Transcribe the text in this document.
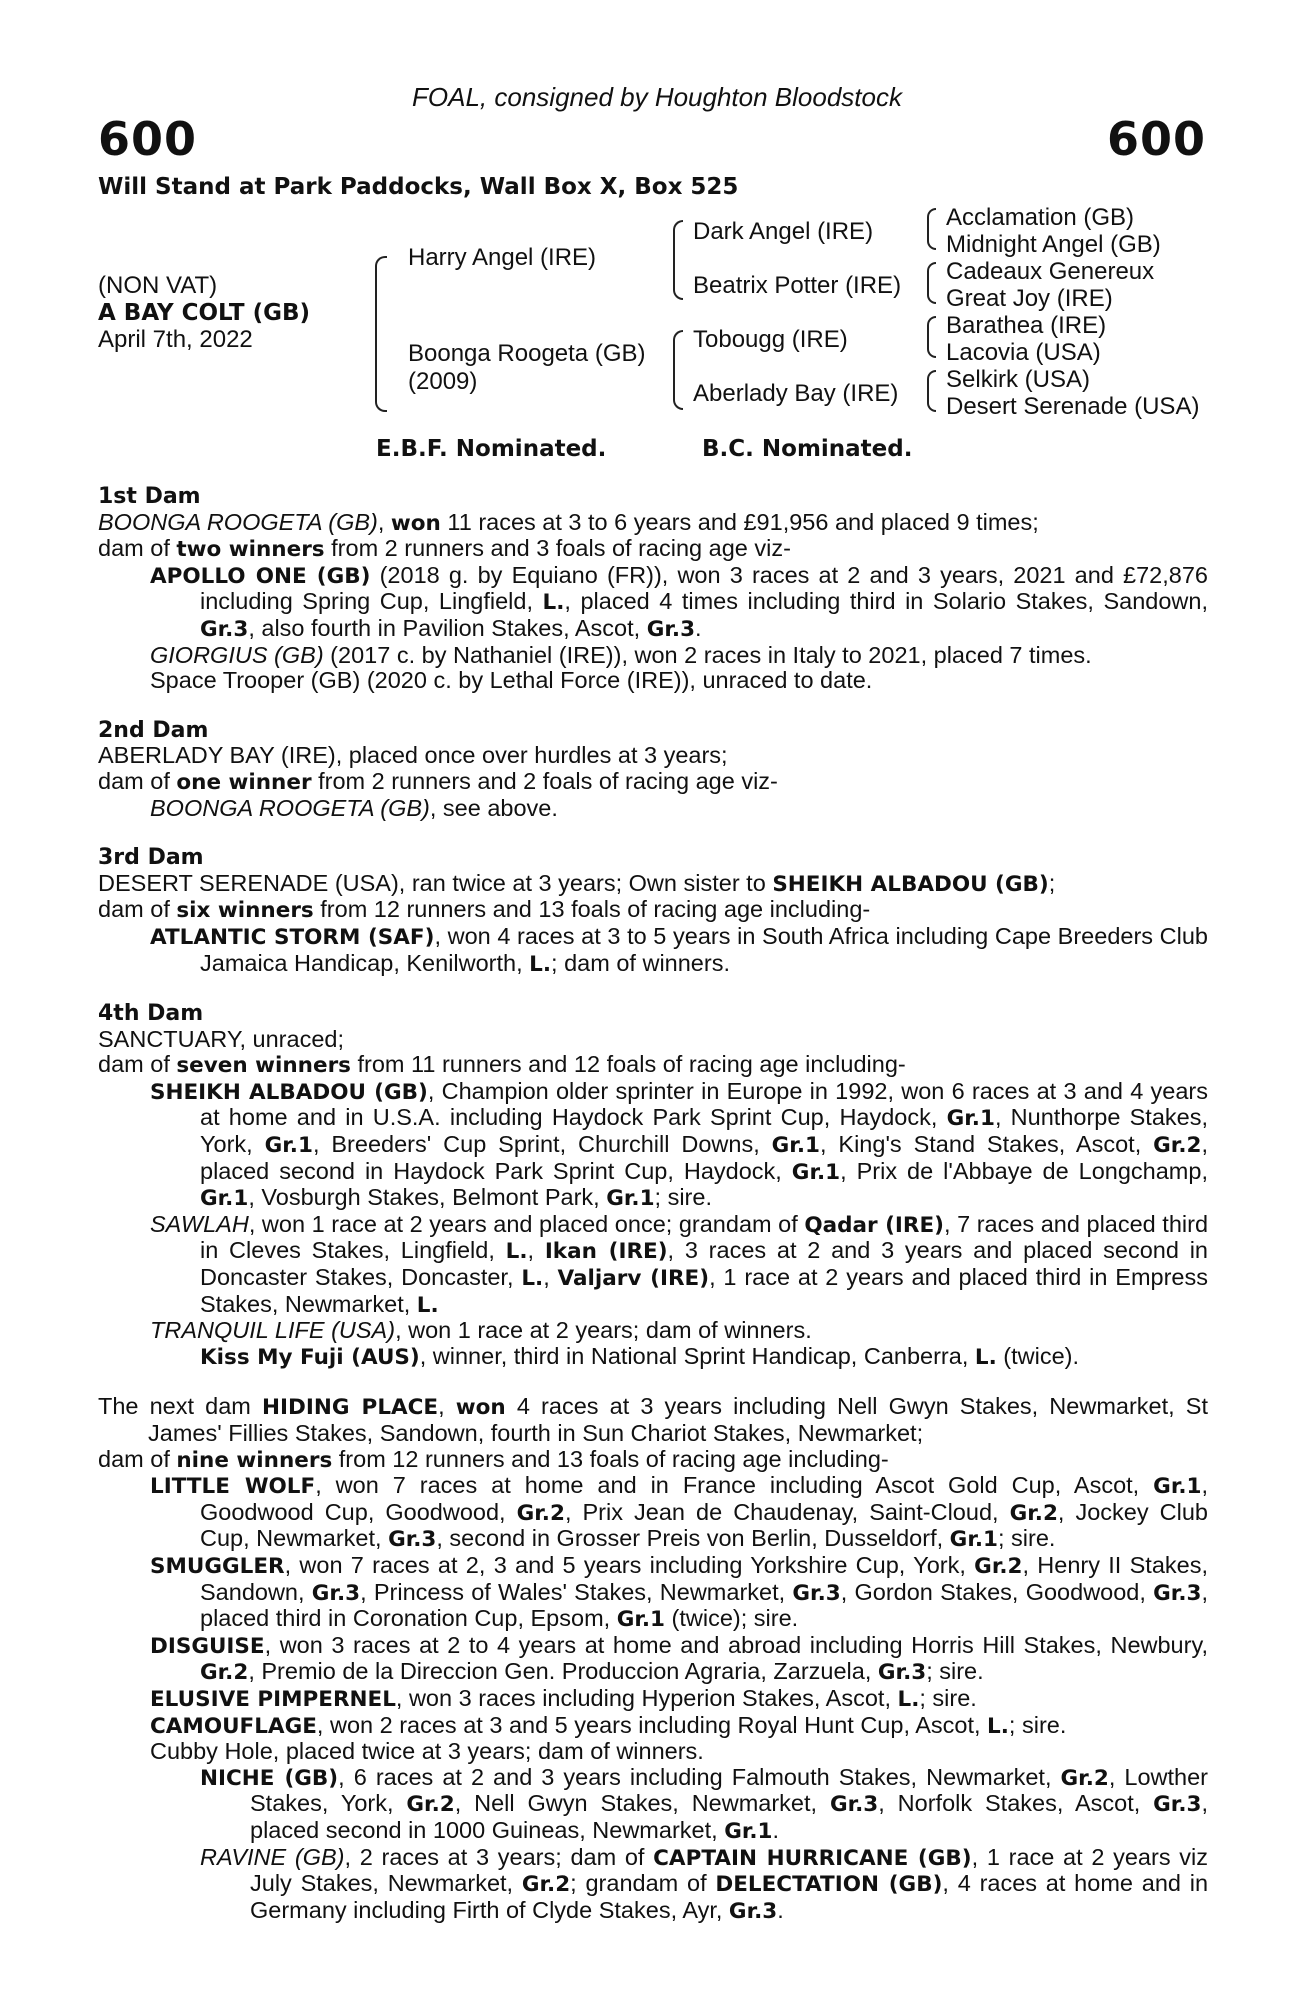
FOAL, consigned by Houghton Bloodstock
600	600
Will Stand at Park Paddocks, Wall Box X, Box 525
(NON VAT)
A BAY COLT (GB)
April 7th, 2022
Harry Angel (IRE)
Boonga Roogeta (GB)
(2009)
Dark Angel (IRE)
Beatrix Potter (IRE)
Tobougg (IRE)
Aberlady Bay (IRE)
Acclamation (GB)
Midnight Angel (GB)
Cadeaux Genereux
Great Joy (IRE)
Barathea (IRE)
Lacovia (USA)
Selkirk (USA)
Desert Serenade (USA)
E.B.F. Nominated.	B.C. Nominated.

1st Dam

BOONGA ROOGETA (GB), won 11 races at 3 to 6 years and £91,956 and placed 9 times;

dam of two winners from 2 runners and 3 foals of racing age viz-

APOLLO ONE (GB) (2018 g. by Equiano (FR)), won 3 races at 2 and 3 years, 2021 and £72,876 including Spring Cup, Lingfield, L., placed 4 times including third in Solario Stakes, Sandown, Gr.3, also fourth in Pavilion Stakes, Ascot, Gr.3.

GIORGIUS (GB) (2017 c. by Nathaniel (IRE)), won 2 races in Italy to 2021, placed 7 times.

Space Trooper (GB) (2020 c. by Lethal Force (IRE)), unraced to date.

2nd Dam

ABERLADY BAY (IRE), placed once over hurdles at 3 years;

dam of one winner from 2 runners and 2 foals of racing age viz-

BOONGA ROOGETA (GB), see above.

3rd Dam

DESERT SERENADE (USA), ran twice at 3 years; Own sister to SHEIKH ALBADOU (GB);

dam of six winners from 12 runners and 13 foals of racing age including-

ATLANTIC STORM (SAF), won 4 races at 3 to 5 years in South Africa including Cape Breeders Club Jamaica Handicap, Kenilworth, L.; dam of winners.

4th Dam

SANCTUARY, unraced;

dam of seven winners from 11 runners and 12 foals of racing age including-

SHEIKH ALBADOU (GB), Champion older sprinter in Europe in 1992, won 6 races at 3 and 4 years at home and in U.S.A. including Haydock Park Sprint Cup, Haydock, Gr.1, Nunthorpe Stakes, York, Gr.1, Breeders' Cup Sprint, Churchill Downs, Gr.1, King's Stand Stakes, Ascot, Gr.2, placed second in Haydock Park Sprint Cup, Haydock, Gr.1, Prix de l'Abbaye de Longchamp, Gr.1, Vosburgh Stakes, Belmont Park, Gr.1; sire.

SAWLAH, won 1 race at 2 years and placed once; grandam of Qadar (IRE), 7 races and placed third in Cleves Stakes, Lingfield, L., Ikan (IRE), 3 races at 2 and 3 years and placed second in Doncaster Stakes, Doncaster, L., Valjarv (IRE), 1 race at 2 years and placed third in Empress Stakes, Newmarket, L.

TRANQUIL LIFE (USA), won 1 race at 2 years; dam of winners.

Kiss My Fuji (AUS), winner, third in National Sprint Handicap, Canberra, L. (twice).

The next dam HIDING PLACE, won 4 races at 3 years including Nell Gwyn Stakes, Newmarket, St James' Fillies Stakes, Sandown, fourth in Sun Chariot Stakes, Newmarket;

dam of nine winners from 12 runners and 13 foals of racing age including-

LITTLE WOLF, won 7 races at home and in France including Ascot Gold Cup, Ascot, Gr.1, Goodwood Cup, Goodwood, Gr.2, Prix Jean de Chaudenay, Saint-Cloud, Gr.2, Jockey Club Cup, Newmarket, Gr.3, second in Grosser Preis von Berlin, Dusseldorf, Gr.1; sire.

SMUGGLER, won 7 races at 2, 3 and 5 years including Yorkshire Cup, York, Gr.2, Henry II Stakes, Sandown, Gr.3, Princess of Wales' Stakes, Newmarket, Gr.3, Gordon Stakes, Goodwood, Gr.3, placed third in Coronation Cup, Epsom, Gr.1 (twice); sire.

DISGUISE, won 3 races at 2 to 4 years at home and abroad including Horris Hill Stakes, Newbury, Gr.2, Premio de la Direccion Gen. Produccion Agraria, Zarzuela, Gr.3; sire.

ELUSIVE PIMPERNEL, won 3 races including Hyperion Stakes, Ascot, L.; sire.

CAMOUFLAGE, won 2 races at 3 and 5 years including Royal Hunt Cup, Ascot, L.; sire.

Cubby Hole, placed twice at 3 years; dam of winners.

NICHE (GB), 6 races at 2 and 3 years including Falmouth Stakes, Newmarket, Gr.2, Lowther Stakes, York, Gr.2, Nell Gwyn Stakes, Newmarket, Gr.3, Norfolk Stakes, Ascot, Gr.3, placed second in 1000 Guineas, Newmarket, Gr.1.

RAVINE (GB), 2 races at 3 years; dam of CAPTAIN HURRICANE (GB), 1 race at 2 years viz July Stakes, Newmarket, Gr.2; grandam of DELECTATION (GB), 4 races at home and in Germany including Firth of Clyde Stakes, Ayr, Gr.3.
